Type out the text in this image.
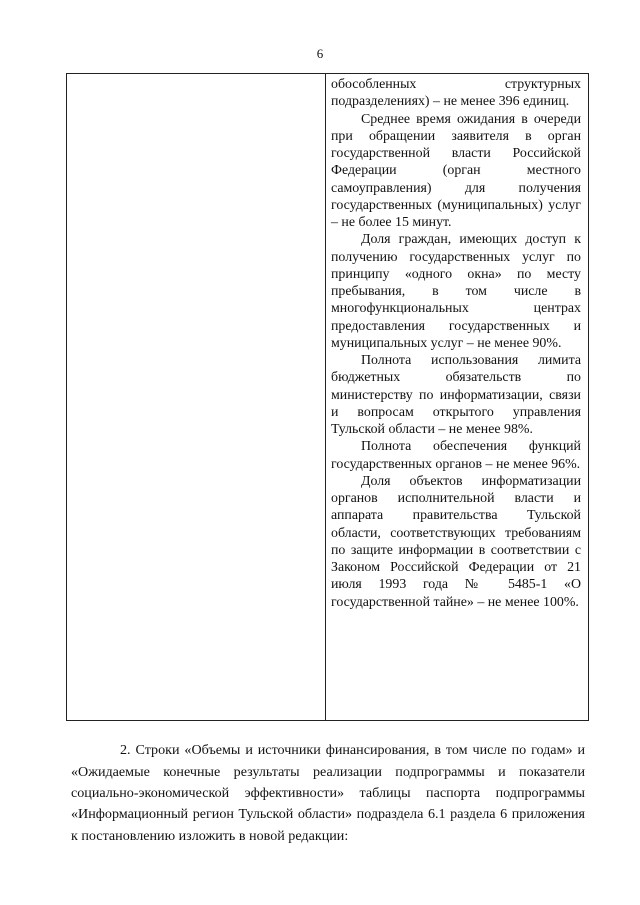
6

обособленных структурных подразделениях) – не менее 396 единиц.

Среднее время ожидания в очереди при обращении заявителя в орган государственной власти Российской Федерации (орган местного самоуправления) для получения государственных (муниципальных) услуг – не более 15 минут.

Доля граждан, имеющих доступ к получению государственных услуг по принципу «одного окна» по месту пребывания, в том числе в многофункциональных центрах предоставления государственных и муниципальных услуг – не менее 90%.

Полнота использования лимита бюджетных обязательств по министерству по информатизации, связи и вопросам открытого управления Тульской области – не менее 98%.

Полнота обеспечения функций государственных органов – не менее 96%.

Доля объектов информатизации органов исполнительной власти и аппарата правительства Тульской области, соответствующих требованиям по защите информации в соответствии с Законом Российской Федерации от 21 июля 1993 года № 5485-1 «О государственной тайне» – не менее 100%.

2. Строки «Объемы и источники финансирования, в том числе по годам» и «Ожидаемые конечные результаты реализации подпрограммы и показатели социально-экономической эффективности» таблицы паспорта подпрограммы «Информационный регион Тульской области» подраздела 6.1 раздела 6 приложения к постановлению изложить в новой редакции:
